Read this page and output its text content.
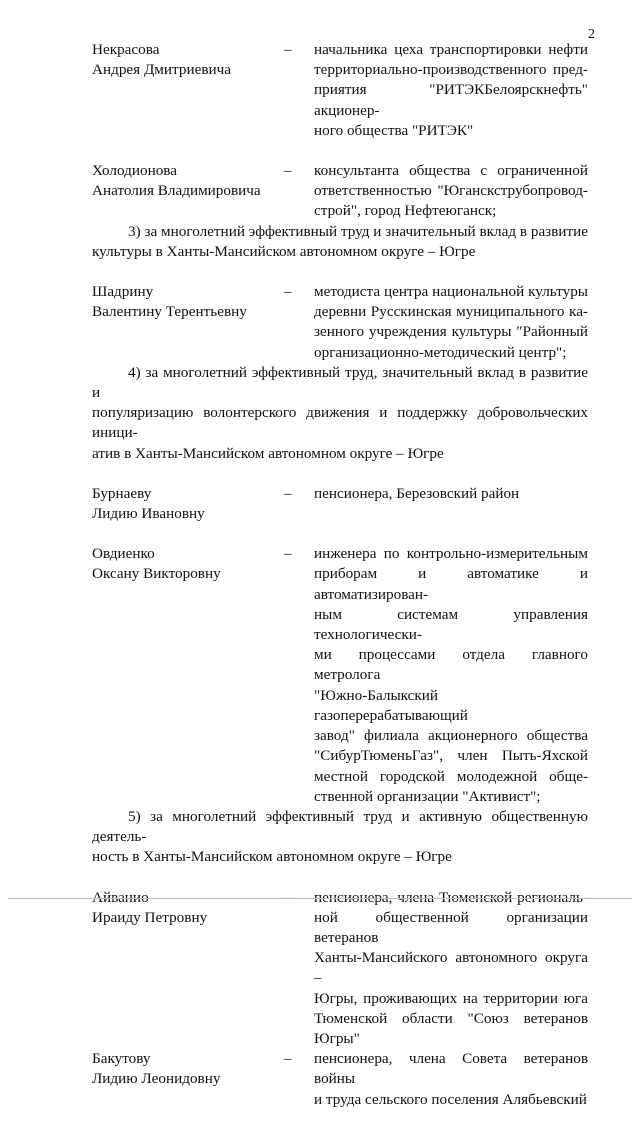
2
Некрасова
Андрея Дмитриевича
–	начальника цеха транспортировки нефти
территориально-производственного пред-
приятия "РИТЭКБелоярскнефть" акционер-
ного общества "РИТЭК"
Холодионова
Анатолия Владимировича
–	консультанта общества с ограниченной
ответственностью "Юганскструбопровод-
строй", город Нефтеюганск;
3) за многолетний эффективный труд и значительный вклад в развитие
культуры в Ханты-Мансийском автономном округе – Югре
Шадрину
Валентину Терентьевну
–	методиста центра национальной культуры
деревни Русскинская муниципального ка-
зенного учреждения культуры "Районный
организационно-методический центр";
4) за многолетний эффективный труд, значительный вклад в развитие и
популяризацию волонтерского движения и поддержку добровольческих иници-
атив в Ханты-Мансийском автономном округе – Югре
Бурнаеву
Лидию Ивановну
–	пенсионера, Березовский район
Овдиенко
Оксану Викторовну
–	инженера по контрольно-измерительным
приборам и автоматике и автоматизирован-
ным системам управления технологически-
ми процессами отдела главного метролога
"Южно-Балыкский газоперерабатывающий
завод" филиала акционерного общества
"СибурТюменьГаз", член Пыть-Яхской
местной городской молодежной обще-
ственной организации "Активист";
5) за многолетний эффективный труд и активную общественную деятель-
ность в Ханты-Мансийском автономном округе – Югре
Айванио
Ираиду Петровну
–	пенсионера, члена Тюменской региональ-
ной общественной организации ветеранов
Ханты-Мансийского автономного округа –
Югры, проживающих на территории юга
Тюменской области "Союз ветеранов
Югры"
Бакутову
Лидию Леонидовну
–	пенсионера, члена Совета ветеранов войны
и труда сельского поселения Алябьевский
